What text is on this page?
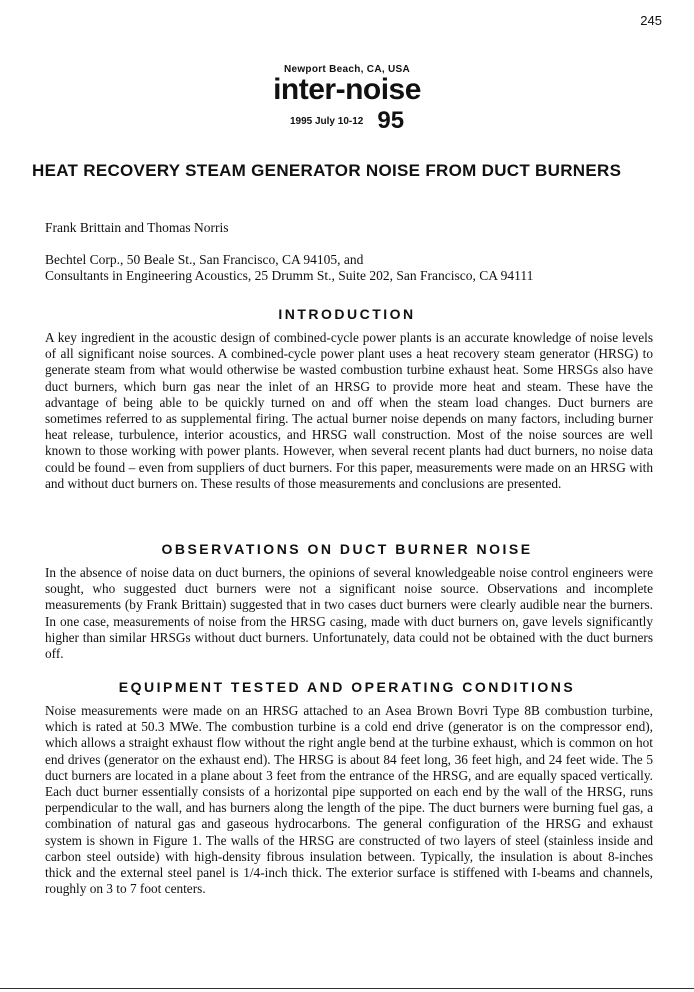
245
Newport Beach, CA, USA
inter-noise
1995 July 10-12 95
HEAT RECOVERY STEAM GENERATOR NOISE FROM DUCT BURNERS
Frank Brittain and Thomas Norris
Bechtel Corp., 50 Beale St., San Francisco, CA 94105, and
Consultants in Engineering Acoustics, 25 Drumm St., Suite 202, San Francisco, CA 94111
INTRODUCTION
A key ingredient in the acoustic design of combined-cycle power plants is an accurate knowledge of noise levels of all significant noise sources. A combined-cycle power plant uses a heat recovery steam generator (HRSG) to generate steam from what would otherwise be wasted combustion turbine exhaust heat. Some HRSGs also have duct burners, which burn gas near the inlet of an HRSG to provide more heat and steam. These have the advantage of being able to be quickly turned on and off when the steam load changes. Duct burners are sometimes referred to as supplemental firing. The actual burner noise depends on many factors, including burner heat release, turbulence, interior acoustics, and HRSG wall construction. Most of the noise sources are well known to those working with power plants. However, when several recent plants had duct burners, no noise data could be found – even from suppliers of duct burners. For this paper, measurements were made on an HRSG with and without duct burners on. These results of those measurements and conclusions are presented.
OBSERVATIONS ON DUCT BURNER NOISE
In the absence of noise data on duct burners, the opinions of several knowledgeable noise control engineers were sought, who suggested duct burners were not a significant noise source. Observations and incomplete measurements (by Frank Brittain) suggested that in two cases duct burners were clearly audible near the burners. In one case, measurements of noise from the HRSG casing, made with duct burners on, gave levels significantly higher than similar HRSGs without duct burners. Unfortunately, data could not be obtained with the duct burners off.
EQUIPMENT TESTED AND OPERATING CONDITIONS
Noise measurements were made on an HRSG attached to an Asea Brown Bovri Type 8B combustion turbine, which is rated at 50.3 MWe. The combustion turbine is a cold end drive (generator is on the compressor end), which allows a straight exhaust flow without the right angle bend at the turbine exhaust, which is common on hot end drives (generator on the exhaust end). The HRSG is about 84 feet long, 36 feet high, and 24 feet wide. The 5 duct burners are located in a plane about 3 feet from the entrance of the HRSG, and are equally spaced vertically. Each duct burner essentially consists of a horizontal pipe supported on each end by the wall of the HRSG, runs perpendicular to the wall, and has burners along the length of the pipe. The duct burners were burning fuel gas, a combination of natural gas and gaseous hydrocarbons. The general configuration of the HRSG and exhaust system is shown in Figure 1. The walls of the HRSG are constructed of two layers of steel (stainless inside and carbon steel outside) with high-density fibrous insulation between. Typically, the insulation is about 8-inches thick and the external steel panel is 1/4-inch thick. The exterior surface is stiffened with I-beams and channels, roughly on 3 to 7 foot centers.
